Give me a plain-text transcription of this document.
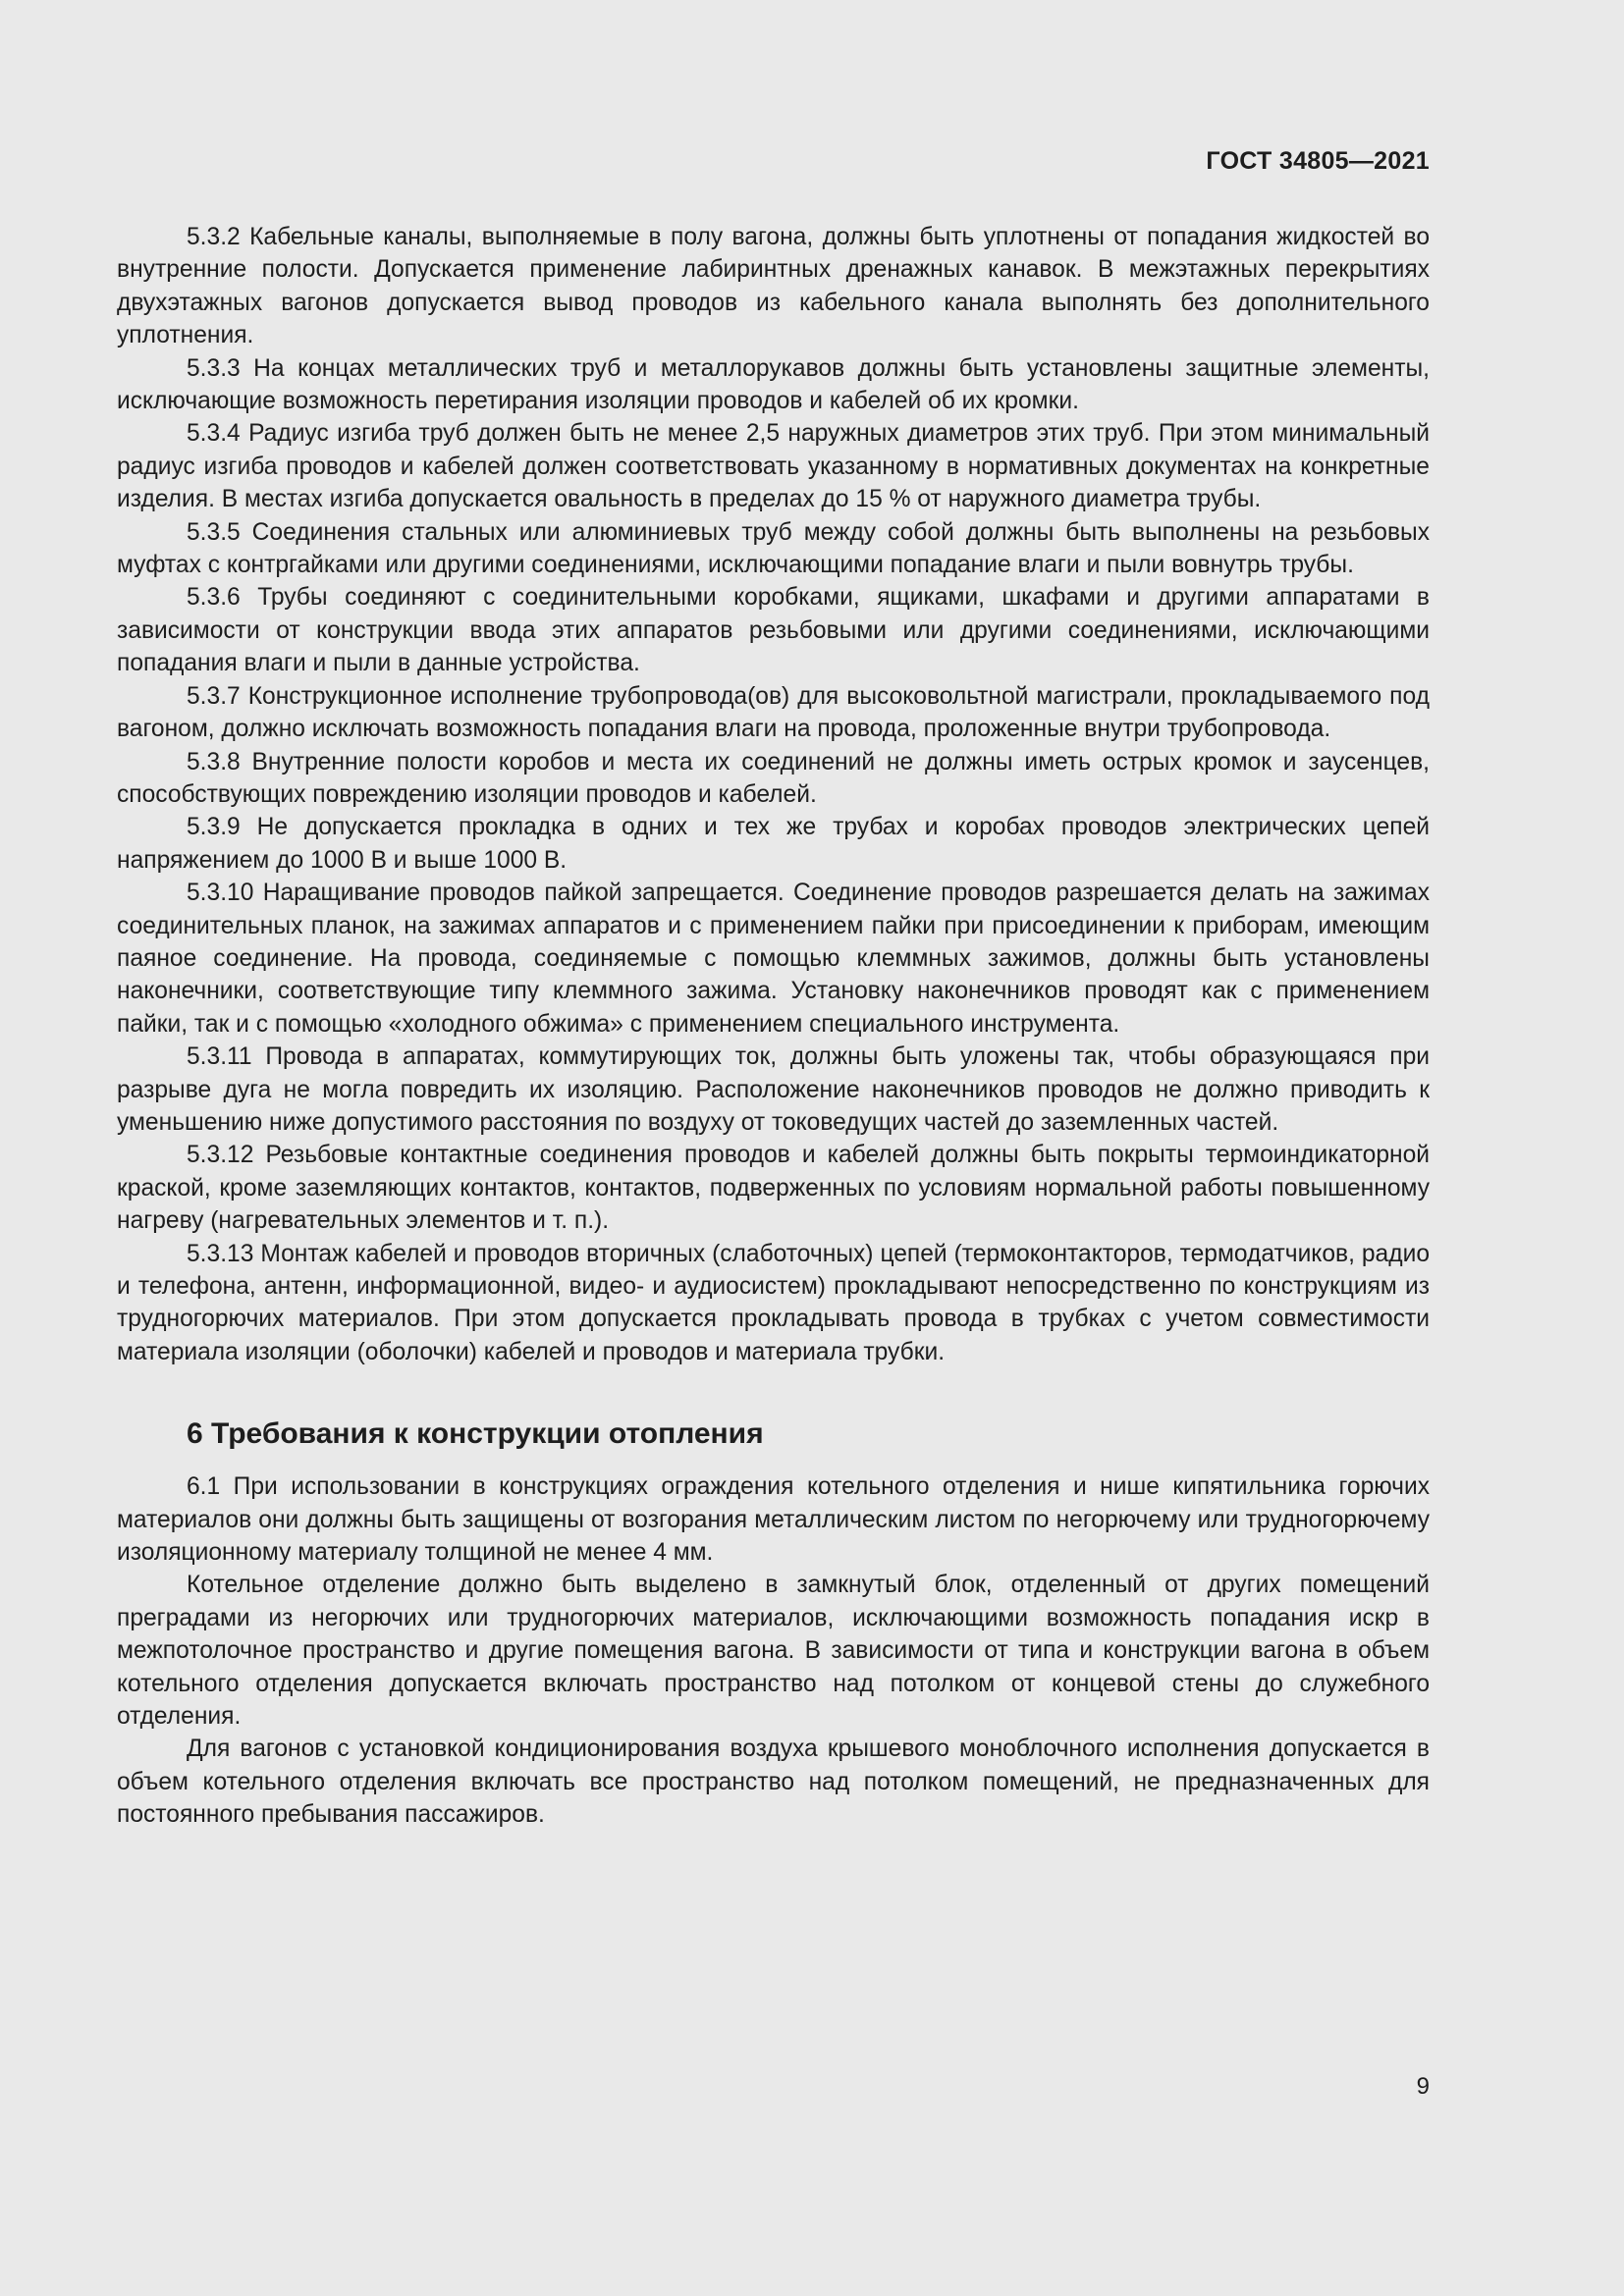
ГОСТ 34805—2021

5.3.2 Кабельные каналы, выполняемые в полу вагона, должны быть уплотнены от попадания жидкостей во внутренние полости. Допускается применение лабиринтных дренажных канавок. В межэтажных перекрытиях двухэтажных вагонов допускается вывод проводов из кабельного канала выполнять без дополнительного уплотнения.

5.3.3 На концах металлических труб и металлорукавов должны быть установлены защитные элементы, исключающие возможность перетирания изоляции проводов и кабелей об их кромки.

5.3.4 Радиус изгиба труб должен быть не менее 2,5 наружных диаметров этих труб. При этом минимальный радиус изгиба проводов и кабелей должен соответствовать указанному в нормативных документах на конкретные изделия. В местах изгиба допускается овальность в пределах до 15 % от наружного диаметра трубы.

5.3.5 Соединения стальных или алюминиевых труб между собой должны быть выполнены на резьбовых муфтах с контргайками или другими соединениями, исключающими попадание влаги и пыли вовнутрь трубы.

5.3.6 Трубы соединяют с соединительными коробками, ящиками, шкафами и другими аппаратами в зависимости от конструкции ввода этих аппаратов резьбовыми или другими соединениями, исключающими попадания влаги и пыли в данные устройства.

5.3.7 Конструкционное исполнение трубопровода(ов) для высоковольтной магистрали, прокладываемого под вагоном, должно исключать возможность попадания влаги на провода, проложенные внутри трубопровода.

5.3.8 Внутренние полости коробов и места их соединений не должны иметь острых кромок и заусенцев, способствующих повреждению изоляции проводов и кабелей.

5.3.9 Не допускается прокладка в одних и тех же трубах и коробах проводов электрических цепей напряжением до 1000 В и выше 1000 В.

5.3.10 Наращивание проводов пайкой запрещается. Соединение проводов разрешается делать на зажимах соединительных планок, на зажимах аппаратов и с применением пайки при присоединении к приборам, имеющим паяное соединение. На провода, соединяемые с помощью клеммных зажимов, должны быть установлены наконечники, соответствующие типу клеммного зажима. Установку наконечников проводят как с применением пайки, так и с помощью «холодного обжима» с применением специального инструмента.

5.3.11 Провода в аппаратах, коммутирующих ток, должны быть уложены так, чтобы образующаяся при разрыве дуга не могла повредить их изоляцию. Расположение наконечников проводов не должно приводить к уменьшению ниже допустимого расстояния по воздуху от токоведущих частей до заземленных частей.

5.3.12 Резьбовые контактные соединения проводов и кабелей должны быть покрыты термоиндикаторной краской, кроме заземляющих контактов, контактов, подверженных по условиям нормальной работы повышенному нагреву (нагревательных элементов и т. п.).

5.3.13 Монтаж кабелей и проводов вторичных (слаботочных) цепей (термоконтакторов, термодатчиков, радио и телефона, антенн, информационной, видео- и аудиосистем) прокладывают непосредственно по конструкциям из трудногорючих материалов. При этом допускается прокладывать провода в трубках с учетом совместимости материала изоляции (оболочки) кабелей и проводов и материала трубки.

6 Требования к конструкции отопления

6.1 При использовании в конструкциях ограждения котельного отделения и нише кипятильника горючих материалов они должны быть защищены от возгорания металлическим листом по негорючему или трудногорючему изоляционному материалу толщиной не менее 4 мм.

Котельное отделение должно быть выделено в замкнутый блок, отделенный от других помещений преградами из негорючих или трудногорючих материалов, исключающими возможность попадания искр в межпотолочное пространство и другие помещения вагона. В зависимости от типа и конструкции вагона в объем котельного отделения допускается включать пространство над потолком от концевой стены до служебного отделения.

Для вагонов с установкой кондиционирования воздуха крышевого моноблочного исполнения допускается в объем котельного отделения включать все пространство над потолком помещений, не предназначенных для постоянного пребывания пассажиров.

9
